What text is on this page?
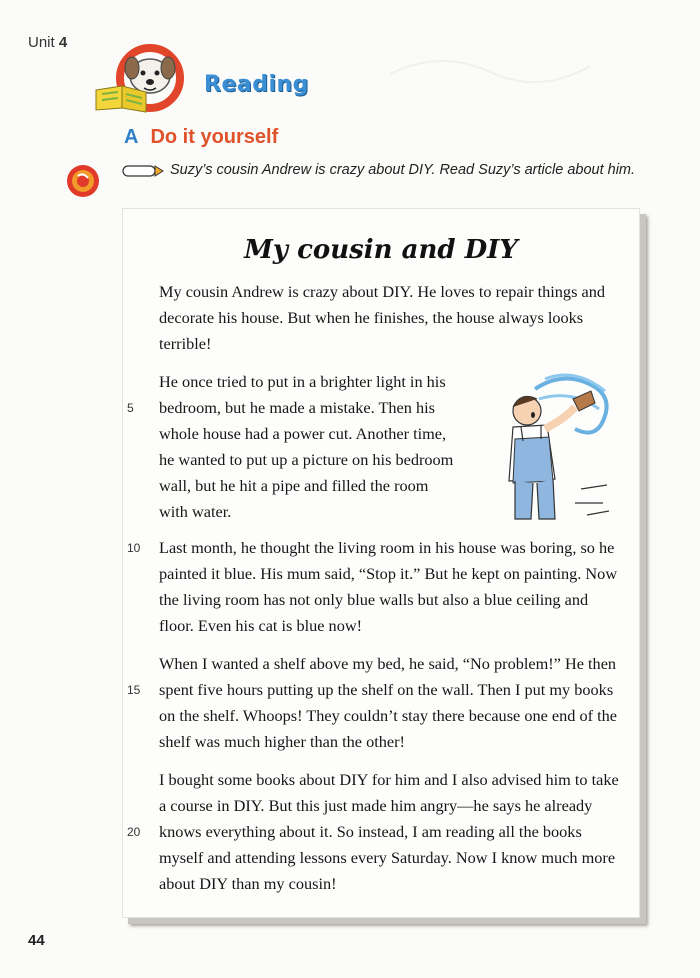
Unit 4
Reading
A Do it yourself
Suzy’s cousin Andrew is crazy about DIY. Read Suzy’s article about him.
My cousin and DIY

My cousin Andrew is crazy about DIY. He loves to repair things and decorate his house. But when he finishes, the house always looks terrible!

He once tried to put in a brighter light in his bedroom, but he made a mistake. Then his whole house had a power cut. Another time, he wanted to put up a picture on his bedroom wall, but he hit a pipe and filled the room with water.

5

Last month, he thought the living room in his house was boring, so he painted it blue. His mum said, “Stop it.” But he kept on painting. Now the living room has not only blue walls but also a blue ceiling and floor. Even his cat is blue now!

10

When I wanted a shelf above my bed, he said, “No problem!” He then spent five hours putting up the shelf on the wall. Then I put my books on the shelf. Whoops! They couldn’t stay there because one end of the shelf was much higher than the other!

15

I bought some books about DIY for him and I also advised him to take a course in DIY. But this just made him angry—he says he already knows everything about it. So instead, I am reading all the books myself and attending lessons every Saturday. Now I know much more about DIY than my cousin!

20
44
